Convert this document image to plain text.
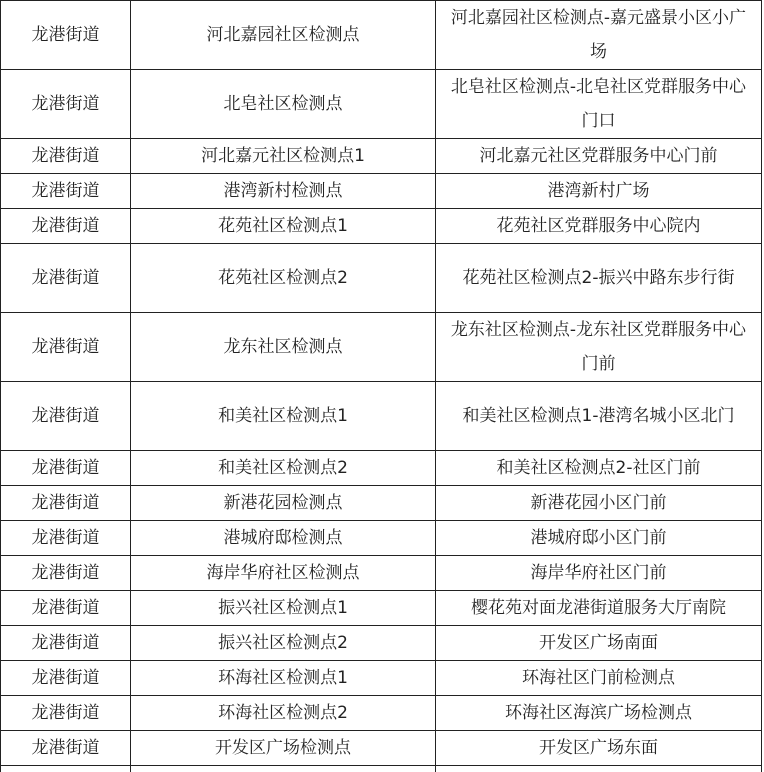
龙港街道	河北嘉园社区检测点	河北嘉园社区检测点-嘉元盛景小区小广场
龙港街道	北皂社区检测点	北皂社区检测点-北皂社区党群服务中心门口
龙港街道	河北嘉元社区检测点1	河北嘉元社区党群服务中心门前
龙港街道	港湾新村检测点	港湾新村广场
龙港街道	花苑社区检测点1	花苑社区党群服务中心院内
龙港街道	花苑社区检测点2	花苑社区检测点2-振兴中路东步行街
龙港街道	龙东社区检测点	龙东社区检测点-龙东社区党群服务中心门前
龙港街道	和美社区检测点1	和美社区检测点1-港湾名城小区北门
龙港街道	和美社区检测点2	和美社区检测点2-社区门前
龙港街道	新港花园检测点	新港花园小区门前
龙港街道	港城府邸检测点	港城府邸小区门前
龙港街道	海岸华府社区检测点	海岸华府社区门前
龙港街道	振兴社区检测点1	樱花苑对面龙港街道服务大厅南院
龙港街道	振兴社区检测点2	开发区广场南面
龙港街道	环海社区检测点1	环海社区门前检测点
龙港街道	环海社区检测点2	环海社区海滨广场检测点
龙港街道	开发区广场检测点	开发区广场东面
